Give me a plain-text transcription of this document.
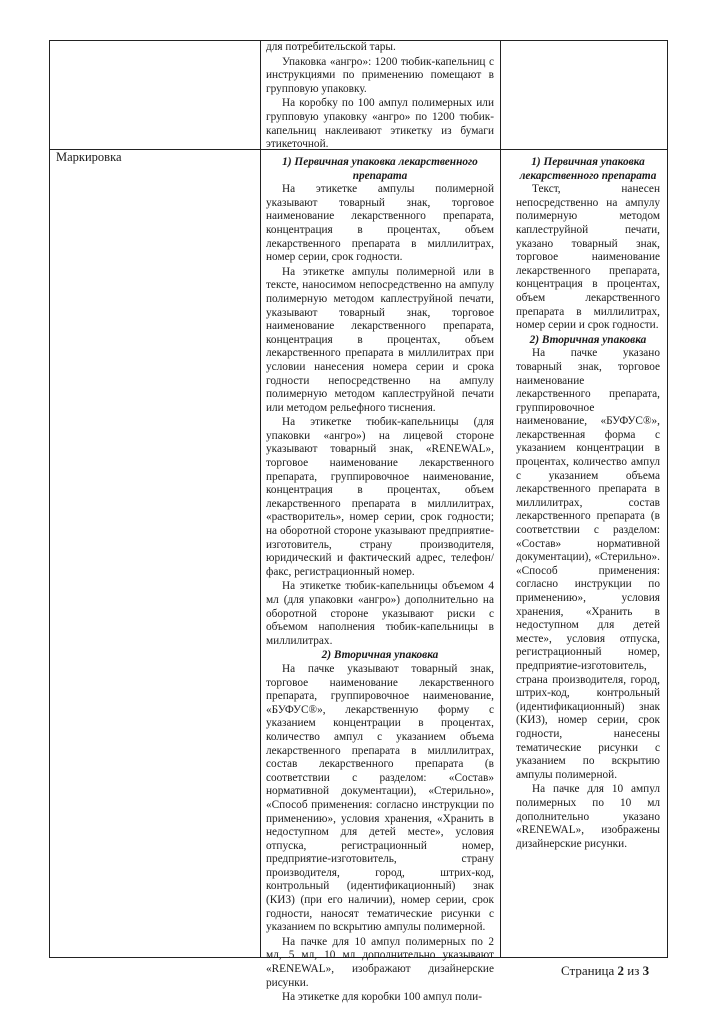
для потребительской тары.

Упаковка «ангро»: 1200 тюбик-капельниц с инструкциями по применению помещают в групповую упаковку.

На коробку по 100 ампул полимерных или групповую упаковку «ангро» по 1200 тюбик-капельниц наклеивают этикетку из бумаги этикеточной.

Маркировка	1) Первичная упаковка лекарственного препарата

На этикетке ампулы полимерной указывают товарный знак, торговое наименование лекарственного препарата, концентрация в процентах, объем лекарственного препарата в миллилитрах, номер серии, срок годности.

На этикетке ампулы полимерной или в тексте, наносимом непосредственно на ампулу полимерную методом каплеструйной печати, указывают товарный знак, торговое наименование лекарственного препарата, концентрация в процентах, объем лекарственного препарата в миллилитрах при условии нанесения номера серии и срока годности непосредственно на ампулу полимерную методом каплеструйной печати или методом рельефного тиснения.

На этикетке тюбик-капельницы (для упаковки «ангро») на лицевой стороне указывают товарный знак, «RENEWAL», торговое наименование лекарственного препарата, группировочное наименование, концентрация в процентах, объем лекарственного препарата в миллилитрах, «растворитель», номер серии, срок годности; на оборотной стороне указывают предприятие-изготовитель, страну производителя, юридический и фактический адрес, телефон/факс, регистрационный номер.

На этикетке тюбик-капельницы объемом 4 мл (для упаковки «ангро») дополнительно на оборотной стороне указывают риски с объемом наполнения тюбик-капельницы в миллилитрах.

2) Вторичная упаковка

На пачке указывают товарный знак, торговое наименование лекарственного препарата, группировочное наименование, «БУФУС®», лекарственную форму с указанием концентрации в процентах, количество ампул с указанием объема лекарственного препарата в миллилитрах, состав лекарственного препарата (в соответствии с разделом: «Состав» нормативной документации), «Стерильно», «Способ применения: согласно инструкции по применению», условия хранения, «Хранить в недоступном для детей месте», условия отпуска, регистрационный номер, предприятие-изготовитель, страну производителя, город, штрих-код, контрольный (идентификационный) знак (КИЗ) (при его наличии), номер серии, срок годности, наносят тематические рисунки с указанием по вскрытию ампулы полимерной.

На пачке для 10 ампул полимерных по 2 мл, 5 мл, 10 мл дополнительно указывают «RENEWAL», изображают дизайнерские рисунки.

На этикетке для коробки 100 ампул поли-

1) Первичная упаковка лекарственного препарата

Текст, нанесен непосредственно на ампулу полимерную методом каплеструйной печати, указано товарный знак, торговое наименование лекарственного препарата, концентрация в процентах, объем лекарственного препарата в миллилитрах, номер серии и срок годности.

2) Вторичная упаковка

На пачке указано товарный знак, торговое наименование лекарственного препарата, группировочное наименование, «БУФУС®», лекарственная форма с указанием концентрации в процентах, количество ампул с указанием объема лекарственного препарата в миллилитрах, состав лекарственного препарата (в соответствии с разделом: «Состав» нормативной документации), «Стерильно». «Способ применения: согласно инструкции по применению», условия хранения, «Хранить в недоступном для детей месте», условия отпуска, регистрационный номер, предприятие-изготовитель, страна производителя, город, штрих-код, контрольный (идентификационный) знак (КИЗ), номер серии, срок годности, нанесены тематические рисунки с указанием по вскрытию ампулы полимерной.

На пачке для 10 ампул полимерных по 10 мл дополнительно указано «RENEWAL», изображены дизайнерские рисунки.

Страница 2 из 3
